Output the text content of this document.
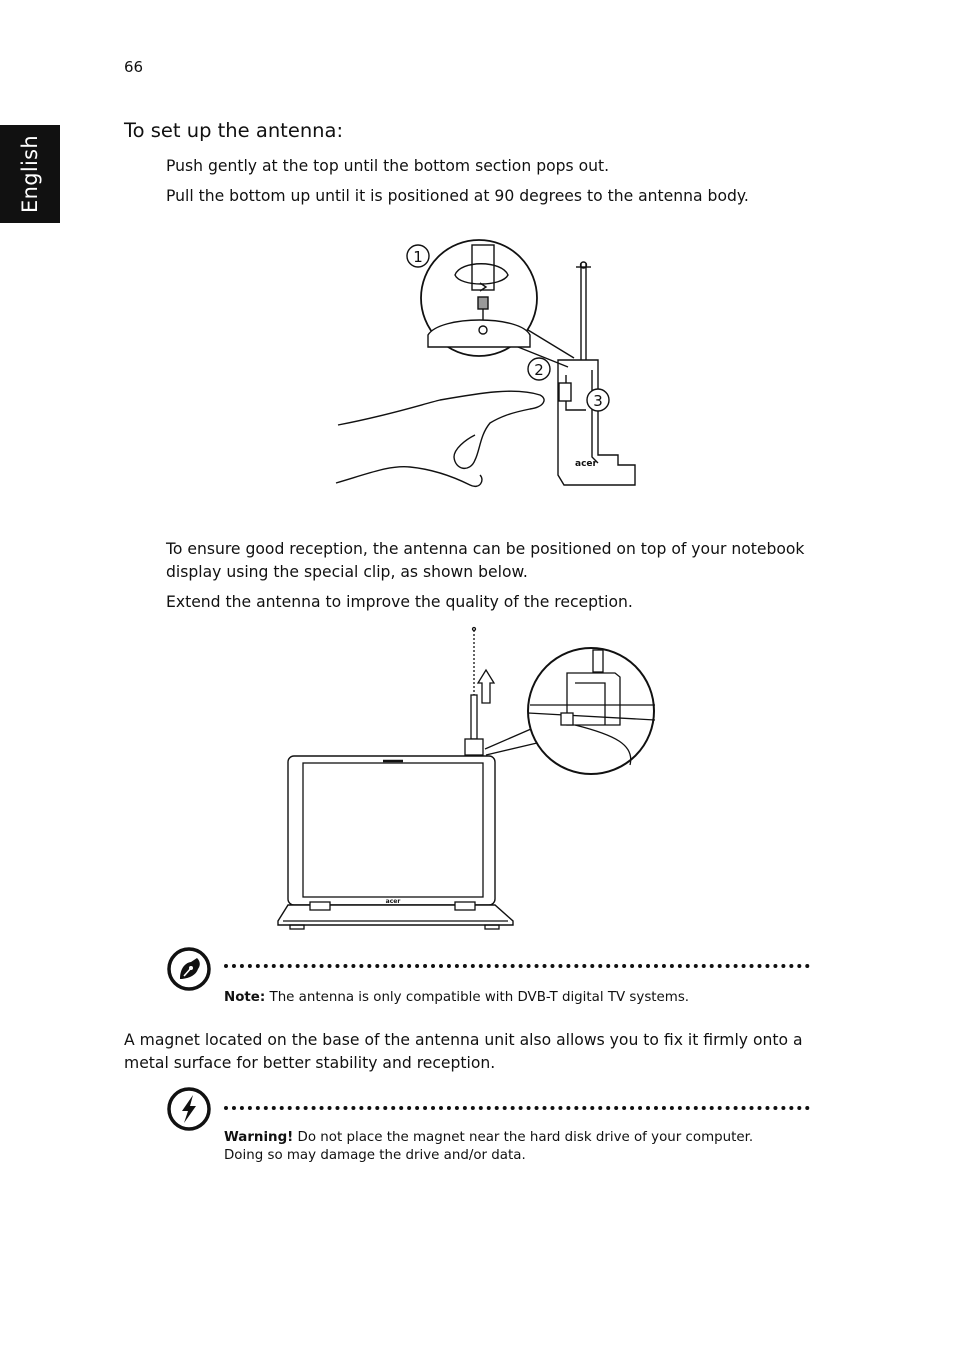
66
English
To set up the antenna:
Push gently at the top until the bottom section pops out.
Pull the bottom up until it is positioned at 90 degrees to the antenna body.
acer
1
2
3
To ensure good reception, the antenna can be positioned on top of your notebook display using the special clip, as shown below.
Extend the antenna to improve the quality of the reception.
acer
Note: The antenna is only compatible with DVB-T digital TV systems.
A magnet located on the base of the antenna unit also allows you to fix it firmly onto a metal surface for better stability and reception.
Warning! Do not place the magnet near the hard disk drive of your computer. Doing so may damage the drive and/or data.
